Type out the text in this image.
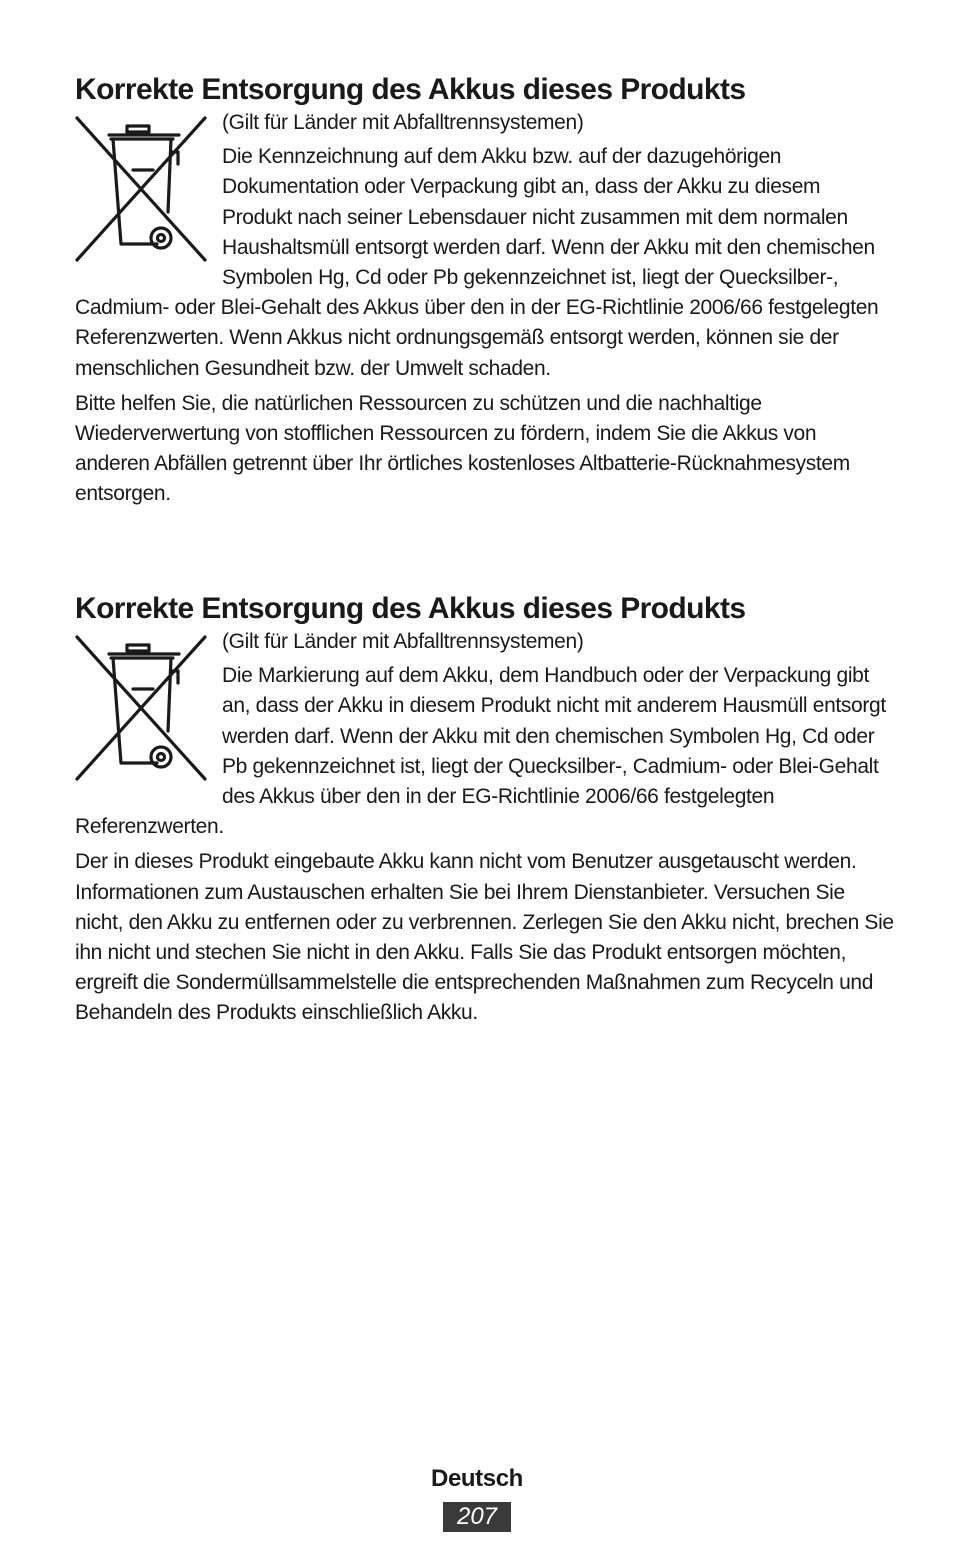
Korrekte Entsorgung des Akkus dieses Produkts

(Gilt für Länder mit Abfalltrennsystemen)

Die Kennzeichnung auf dem Akku bzw. auf der dazugehörigen Dokumentation oder Verpackung gibt an, dass der Akku zu diesem Produkt nach seiner Lebensdauer nicht zusammen mit dem normalen Haushaltsmüll entsorgt werden darf. Wenn der Akku mit den chemischen Symbolen Hg, Cd oder Pb gekennzeichnet ist, liegt der Quecksilber-, Cadmium- oder Blei-Gehalt des Akkus über den in der EG-Richtlinie 2006/66 festgelegten Referenzwerten. Wenn Akkus nicht ordnungsgemäß entsorgt werden, können sie der menschlichen Gesundheit bzw. der Umwelt schaden.

Bitte helfen Sie, die natürlichen Ressourcen zu schützen und die nachhaltige Wiederverwertung von stofflichen Ressourcen zu fördern, indem Sie die Akkus von anderen Abfällen getrennt über Ihr örtliches kostenloses Altbatterie-Rücknahmesystem entsorgen.

Korrekte Entsorgung des Akkus dieses Produkts

(Gilt für Länder mit Abfalltrennsystemen)

Die Markierung auf dem Akku, dem Handbuch oder der Verpackung gibt an, dass der Akku in diesem Produkt nicht mit anderem Hausmüll entsorgt werden darf. Wenn der Akku mit den chemischen Symbolen Hg, Cd oder Pb gekennzeichnet ist, liegt der Quecksilber-, Cadmium- oder Blei-Gehalt des Akkus über den in der EG-Richtlinie 2006/66 festgelegten Referenzwerten.

Der in dieses Produkt eingebaute Akku kann nicht vom Benutzer ausgetauscht werden. Informationen zum Austauschen erhalten Sie bei Ihrem Dienstanbieter. Versuchen Sie nicht, den Akku zu entfernen oder zu verbrennen. Zerlegen Sie den Akku nicht, brechen Sie ihn nicht und stechen Sie nicht in den Akku. Falls Sie das Produkt entsorgen möchten, ergreift die Sondermüllsammelstelle die entsprechenden Maßnahmen zum Recyceln und Behandeln des Produkts einschließlich Akku.

Deutsch
207
